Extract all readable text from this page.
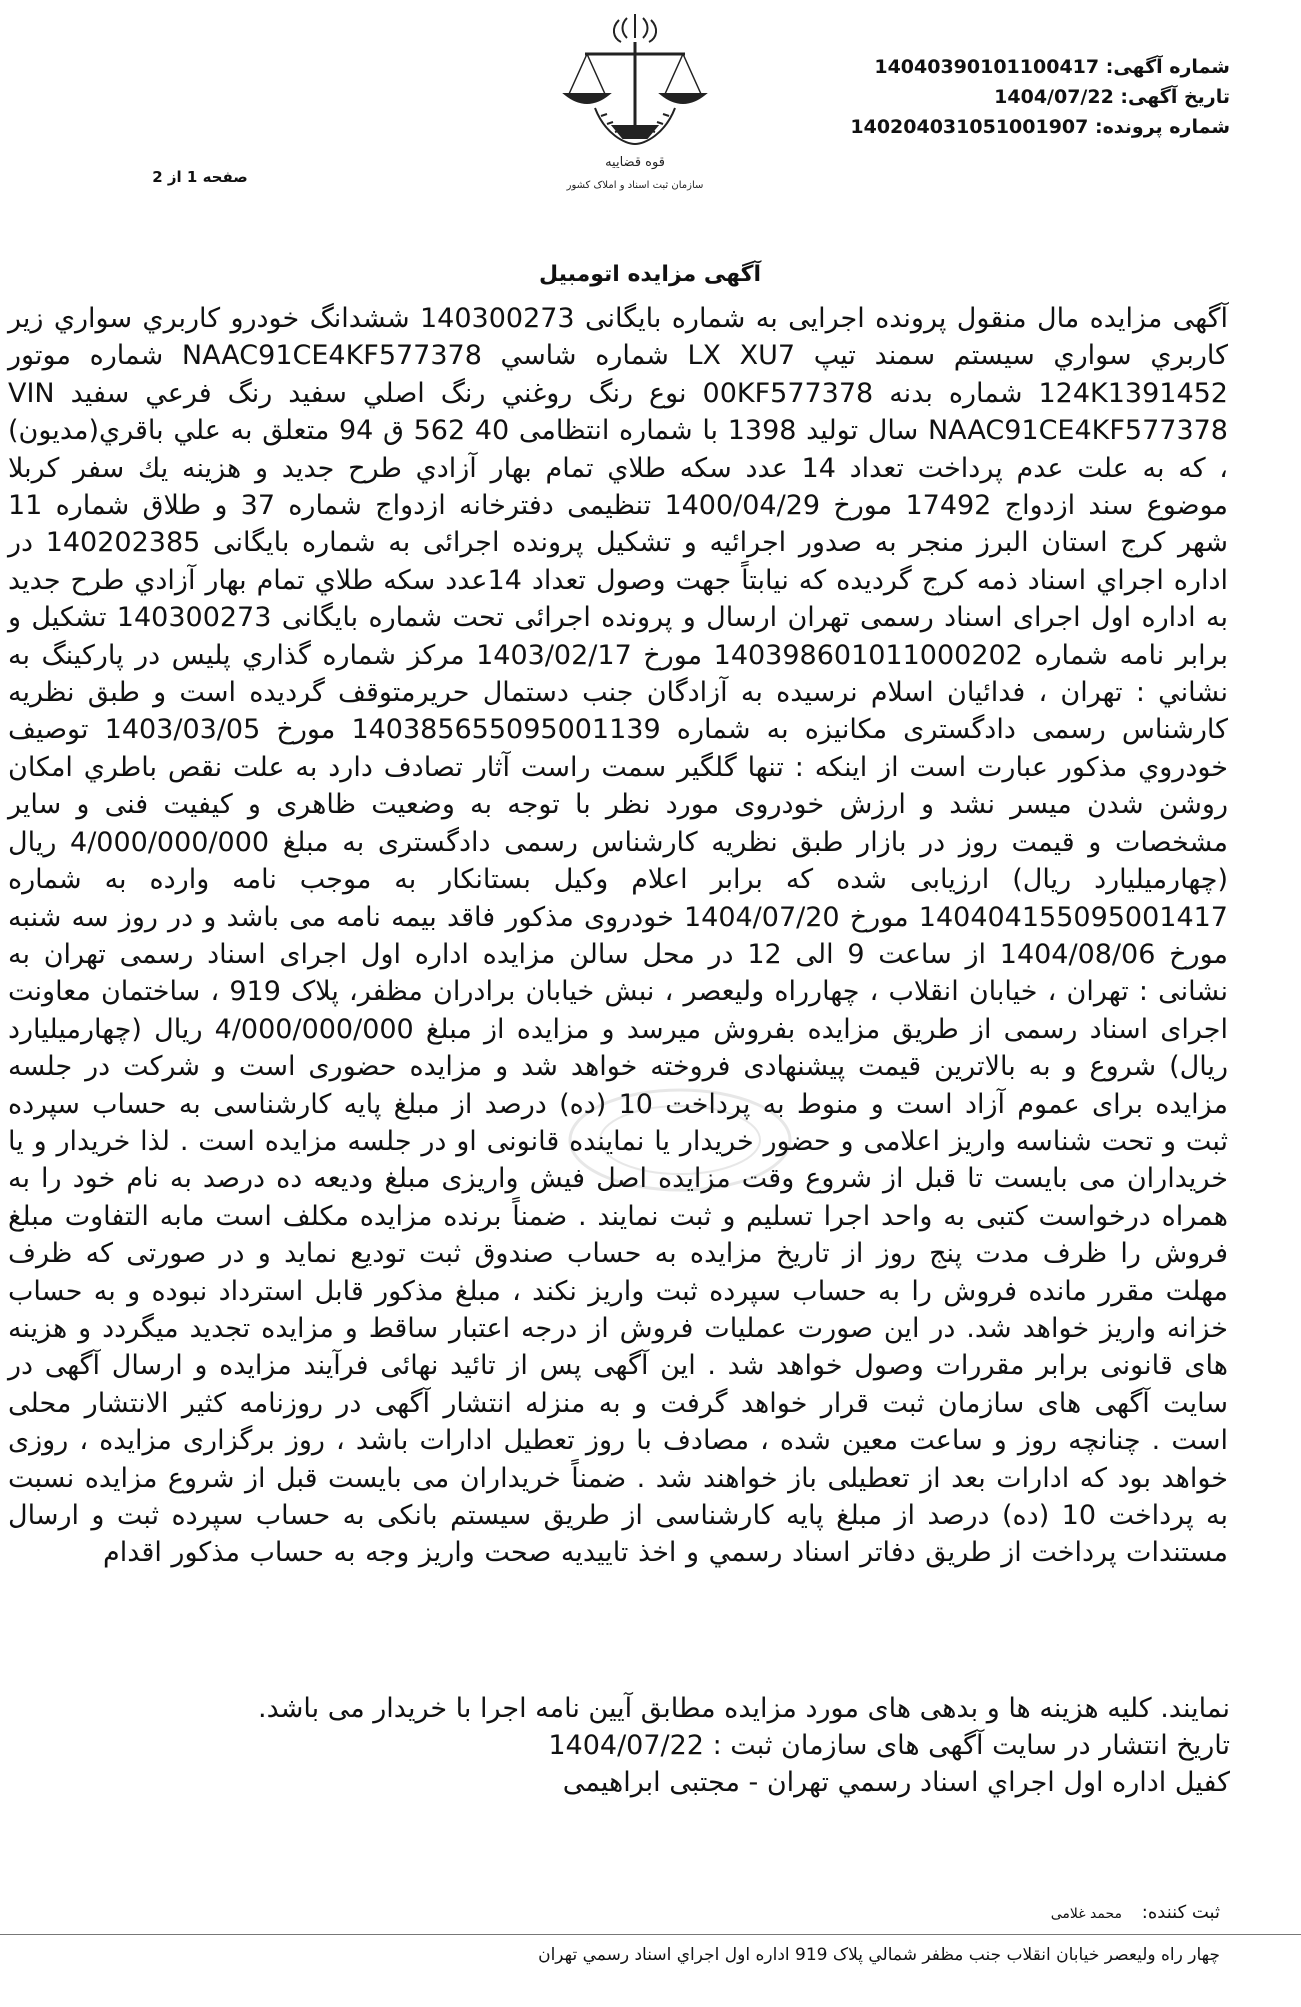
قوه قضاییه
سازمان ثبت اسناد و املاک کشور
شماره آگهی: 14040390101100417
تاریخ آگهی: 1404/07/22
شماره پرونده: 14020403105100190​7
صفحه 1 از 2
آگهی مزایده اتومبیل
آگهی مزایده مال منقول پرونده اجرایی به شماره بایگانی 140300273 ششدانگ خودرو کاربري سواري زير کاربري سواري سيستم سمند تيپ LX XU7 شماره شاسي NAAC91CE4KF577378 شماره موتور 124K1391452 شماره بدنه 00KF577378 نوع رنگ روغني رنگ اصلي سفيد رنگ فرعي سفيد VIN NAAC91CE4KF577378 سال توليد 1398 با شماره انتظامی 40 562 ق 94 متعلق به علي باقري(مديون) ، که به علت عدم پرداخت تعداد 14 عدد سکه طلاي تمام بهار آزادي طرح جديد و هزينه يك سفر کربلا موضوع سند ازدواج 17492 مورخ 1400/04/29 تنظیمی دفترخانه ازدواج شماره 37 و طلاق شماره 11 شهر کرج استان البرز منجر به صدور اجرائیه و تشکیل پرونده اجرائی به شماره بایگانی 140202385 در اداره اجراي اسناد ذمه کرج گرديده که نیابتاً جهت وصول تعداد 14عدد سکه طلاي تمام بهار آزادي طرح جديد به اداره اول اجرای اسناد رسمی تهران ارسال و پرونده اجرائی تحت شماره بایگانی 140300273 تشکیل و برابر نامه شماره 14039860101100020​2 مورخ 1403/02/17 مرکز شماره گذاري پليس در پارکينگ به نشاني : تهران ، فدائيان اسلام نرسيده به آزادگان جنب دستمال حريرمتوقف گرديده است و طبق نظريه کارشناس رسمی دادگستری مکانیزه به شماره 14038565509500113​9 مورخ 1403/03/05 توصيف خودروي مذکور عبارت است از اینکه : تنها گلگير سمت راست آثار تصادف دارد به علت نقص باطري امکان روشن شدن میسر نشد و ارزش خودروی مورد نظر با توجه به وضعیت ظاهری و کیفیت فنی و سایر مشخصات و قیمت روز در بازار طبق نظریه کارشناس رسمی دادگستری به مبلغ 4/000/000/000 ریال (چهارمیلیارد ریال) ارزیابی شده که برابر اعلام وکیل بستانکار به موجب نامه وارده به شماره 14040415509500141​7 مورخ 1404/07/20 خودروی مذکور فاقد بیمه نامه می باشد و در روز سه شنبه مورخ 1404/08/06 از ساعت 9 الی 12 در محل سالن مزایده اداره اول اجرای اسناد رسمی تهران به نشانی : تهران ، خیابان انقلاب ، چهارراه ولیعصر ، نبش خیابان برادران مظفر، پلاک 919 ، ساختمان معاونت اجرای اسناد رسمی از طریق مزایده بفروش میرسد و مزایده از مبلغ 4/000/000/000 ریال (چهارمیلیارد ریال) شروع و به بالاترین قیمت پیشنهادی فروخته خواهد شد و مزایده حضوری است و شرکت در جلسه مزایده برای عموم آزاد است و منوط به پرداخت 10 (ده) درصد از مبلغ پایه کارشناسی به حساب سپرده ثبت و تحت شناسه واریز اعلامی و حضور خریدار یا نماینده قانونی او در جلسه مزایده است . لذا خریدار و یا خریداران می بایست تا قبل از شروع وقت مزایده اصل فیش واریزی مبلغ ودیعه ده درصد به نام خود را به همراه درخواست کتبی به واحد اجرا تسلیم و ثبت نمایند . ضمناً برنده مزایده مکلف است مابه التفاوت مبلغ فروش را ظرف مدت پنج روز از تاریخ مزایده به حساب صندوق ثبت تودیع نماید و در صورتی که ظرف مهلت مقرر مانده فروش را به حساب سپرده ثبت واریز نکند ، مبلغ مذکور قابل استرداد نبوده و به حساب خزانه واریز خواهد شد. در این صورت عملیات فروش از درجه اعتبار ساقط و مزایده تجدید میگردد و هزینه های قانونی برابر مقررات وصول خواهد شد . این آگهی پس از تائید نهائی فرآیند مزایده و ارسال آگهی در سایت آگهی های سازمان ثبت قرار خواهد گرفت و به منزله انتشار آگهی در روزنامه کثیر الانتشار محلی است . چنانچه روز و ساعت معین شده ، مصادف با روز تعطیل ادارات باشد ، روز برگزاری مزایده ، روزی خواهد بود که ادارات بعد از تعطیلی باز خواهند شد . ضمناً خریداران می بایست قبل از شروع مزایده نسبت به پرداخت 10 (ده) درصد از مبلغ پایه کارشناسی از طریق سیستم بانکی به حساب سپرده ثبت و ارسال مستندات پرداخت از طریق دفاتر اسناد رسمي و اخذ تاييديه صحت واريز وجه به حساب مذکور اقدام
نمایند. کلیه هزینه ها و بدهی های مورد مزایده مطابق آیین نامه اجرا با خریدار می باشد.
تاریخ انتشار در سایت آگهی های سازمان ثبت : 1404/07/22
کفیل اداره اول اجراي اسناد رسمي تهران - مجتبی ابراهیمی
ثبت کننده: محمد غلامی
چهار راه وليعصر خيابان انقلاب جنب مظفر شمالي پلاک 919 اداره اول اجراي اسناد رسمي تهران
